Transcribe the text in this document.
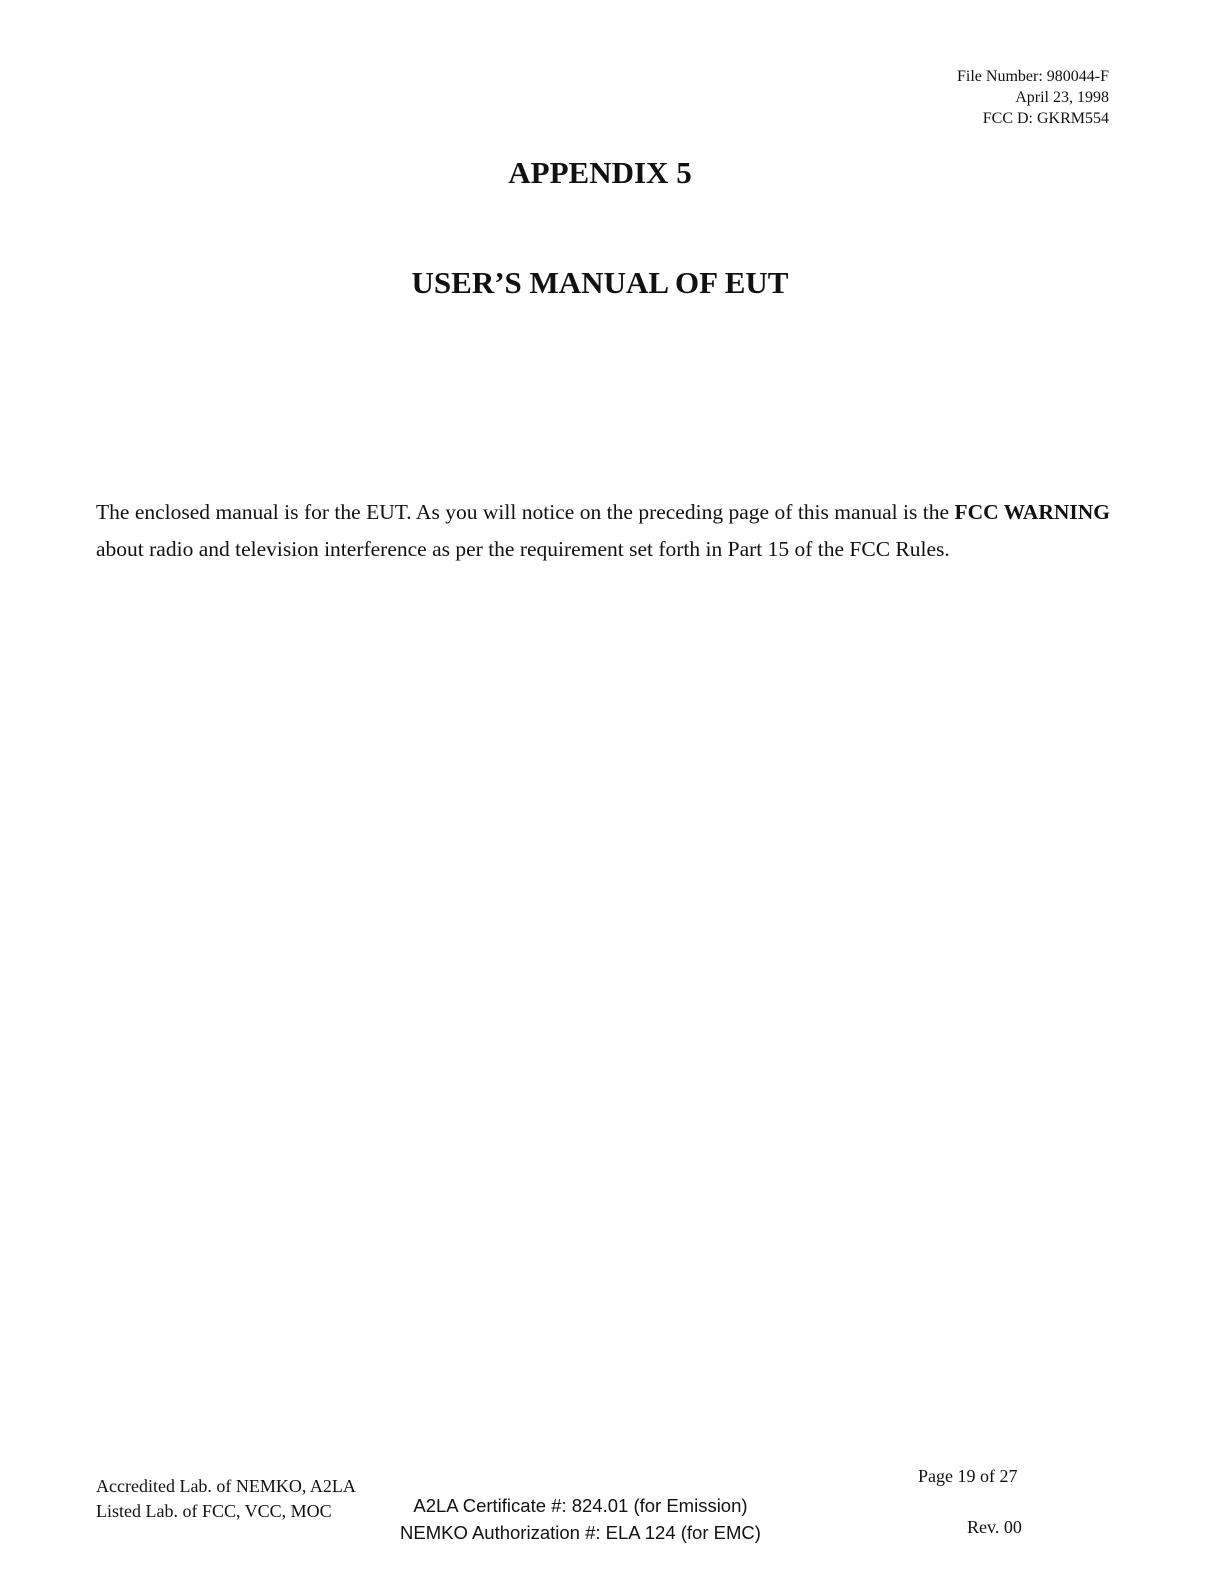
File Number: 980044-F
April 23, 1998
FCC D: GKRM554
APPENDIX 5
USER’S MANUAL OF EUT
The enclosed manual is for the EUT. As you will notice on the preceding page of this manual is the FCC WARNING about radio and television interference as per the requirement set forth in Part 15 of the FCC Rules.
Accredited Lab. of NEMKO, A2LA
Listed Lab. of FCC, VCC, MOC	A2LA Certificate #: 824.01 (for Emission)
NEMKO Authorization #: ELA 124 (for EMC)
Page 19 of 27
Rev. 00
